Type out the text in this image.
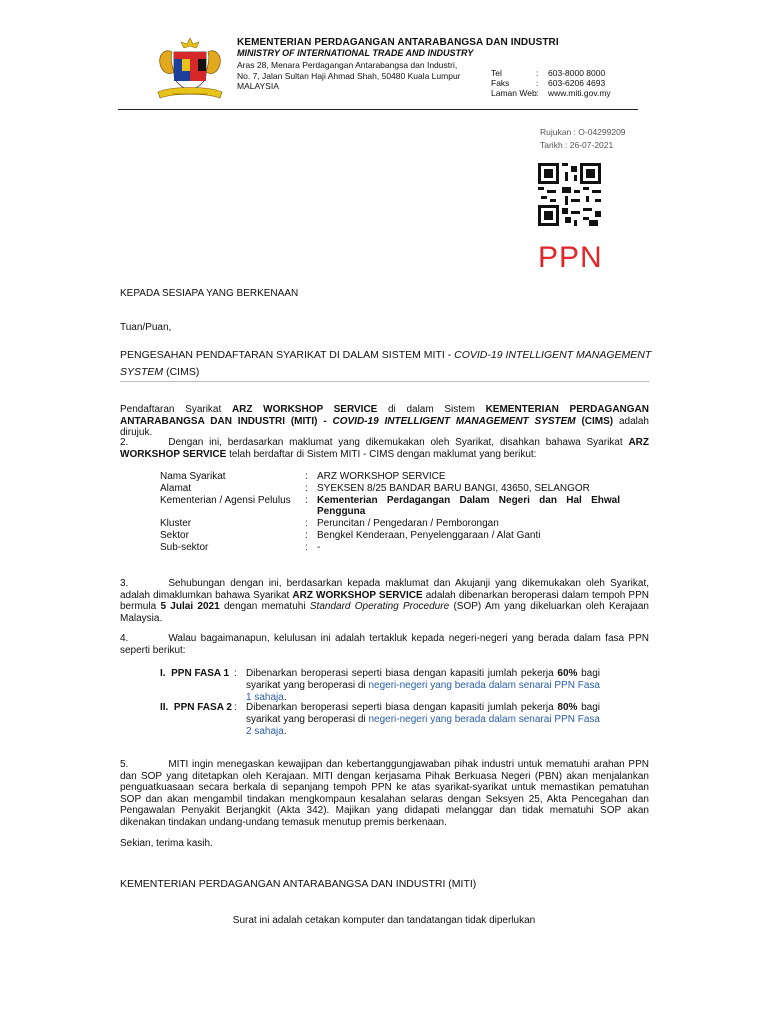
KEMENTERIAN PERDAGANGAN ANTARABANGSA DAN INDUSTRI
MINISTRY OF INTERNATIONAL TRADE AND INDUSTRY
Aras 28, Menara Perdagangan Antarabangsa dan Industri,
No. 7, Jalan Sultan Haji Ahmad Shah, 50480 Kuala Lumpur
MALAYSIA
Tel	: 603-8000 8000
Faks	: 603-6206 4693
Laman Web: www.miti.gov.my
Rujukan : O-04299209
Tarikh : 26-07-2021
PPN
KEPADA SESIAPA YANG BERKENAAN
Tuan/Puan,
PENGESAHAN PENDAFTARAN SYARIKAT DI DALAM SISTEM MITI - COVID-19 INTELLIGENT MANAGEMENT SYSTEM (CIMS)
Pendaftaran Syarikat ARZ WORKSHOP SERVICE di dalam Sistem KEMENTERIAN PERDAGANGAN ANTARABANGSA DAN INDUSTRI (MITI) - COVID-19 INTELLIGENT MANAGEMENT SYSTEM (CIMS) adalah dirujuk.
2.	Dengan ini, berdasarkan maklumat yang dikemukakan oleh Syarikat, disahkan bahawa Syarikat ARZ WORKSHOP SERVICE telah berdaftar di Sistem MITI - CIMS dengan maklumat yang berikut:
Nama Syarikat	: ARZ WORKSHOP SERVICE
Alamat	: SYEKSEN 8/25 BANDAR BARU BANGI, 43650, SELANGOR
Kementerian / Agensi Pelulus	: Kementerian Perdagangan Dalam Negeri dan Hal Ehwal Pengguna
Kluster	: Peruncitan / Pengedaran / Pemborongan
Sektor	: Bengkel Kenderaan, Penyelenggaraan / Alat Ganti
Sub-sektor	: -
3.	Sehubungan dengan ini, berdasarkan kepada maklumat dan Akujanji yang dikemukakan oleh Syarikat, adalah dimaklumkan bahawa Syarikat ARZ WORKSHOP SERVICE adalah dibenarkan beroperasi dalam tempoh PPN bermula 5 Julai 2021 dengan mematuhi Standard Operating Procedure (SOP) Am yang dikeluarkan oleh Kerajaan Malaysia.
4.	Walau bagaimanapun, kelulusan ini adalah tertakluk kepada negeri-negeri yang berada dalam fasa PPN seperti berikut:
I. PPN FASA 1 : Dibenarkan beroperasi seperti biasa dengan kapasiti jumlah pekerja 60% bagi syarikat yang beroperasi di negeri-negeri yang berada dalam senarai PPN Fasa 1 sahaja.
II. PPN FASA 2 : Dibenarkan beroperasi seperti biasa dengan kapasiti jumlah pekerja 80% bagi syarikat yang beroperasi di negeri-negeri yang berada dalam senarai PPN Fasa 2 sahaja.
5.	MITI ingin menegaskan kewajipan dan kebertanggungjawaban pihak industri untuk mematuhi arahan PPN dan SOP yang ditetapkan oleh Kerajaan. MITI dengan kerjasama Pihak Berkuasa Negeri (PBN) akan menjalankan penguatkuasaan secara berkala di sepanjang tempoh PPN ke atas syarikat-syarikat untuk memastikan pematuhan SOP dan akan mengambil tindakan mengkompaun kesalahan selaras dengan Seksyen 25, Akta Pencegahan dan Pengawalan Penyakit Berjangkit (Akta 342). Majikan yang didapati melanggar dan tidak mematuhi SOP akan dikenakan tindakan undang-undang temasuk menutup premis berkenaan.
Sekian, terima kasih.
KEMENTERIAN PERDAGANGAN ANTARABANGSA DAN INDUSTRI (MITI)
Surat ini adalah cetakan komputer dan tandatangan tidak diperlukan
